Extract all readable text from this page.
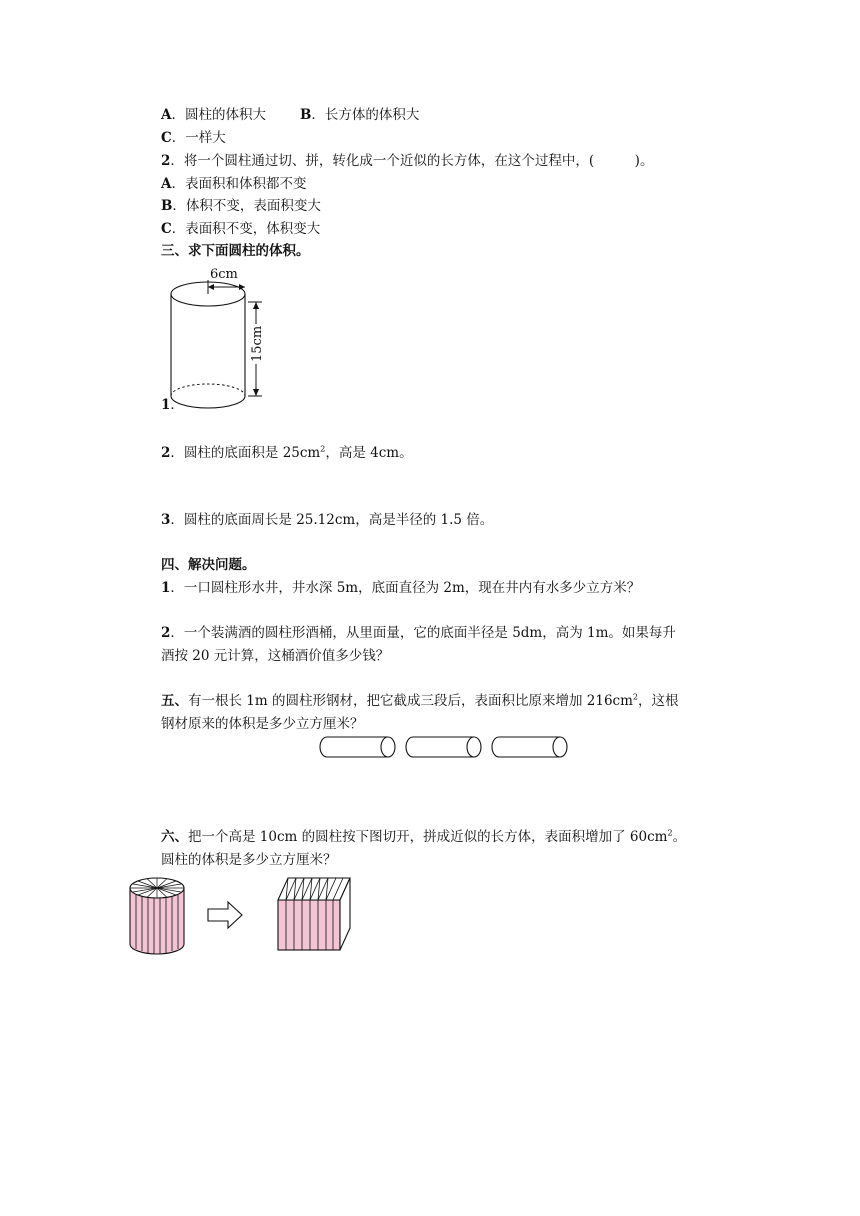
A．圆柱的体积大	B．长方体的体积大
C．一样大
2．将一个圆柱通过切、拼，转化成一个近似的长方体，在这个过程中，(　　　)。
A．表面积和体积都不变
B．体积不变，表面积变大
C．表面积不变，体积变大
三、求下面圆柱的体积。
6cm
15cm
1．
2．圆柱的底面积是 $25cm^2$，高是 4cm。
3．圆柱的底面周长是 25.12cm，高是半径的 1.5 倍。
四、解决问题。
1．一口圆柱形水井，井水深 5m，底面直径为 2m，现在井内有水多少立方米？
2．一个装满酒的圆柱形酒桶，从里面量，它的底面半径是 5dm，高为 1m。如果每升
酒按 20 元计算，这桶酒价值多少钱？
五、有一根长 1m 的圆柱形钢材，把它截成三段后，表面积比原来增加 $216cm^2$，这根
钢材原来的体积是多少立方厘米？
六、把一个高是 10cm 的圆柱按下图切开，拼成近似的长方体，表面积增加了 $60cm^2$。
圆柱的体积是多少立方厘米？
